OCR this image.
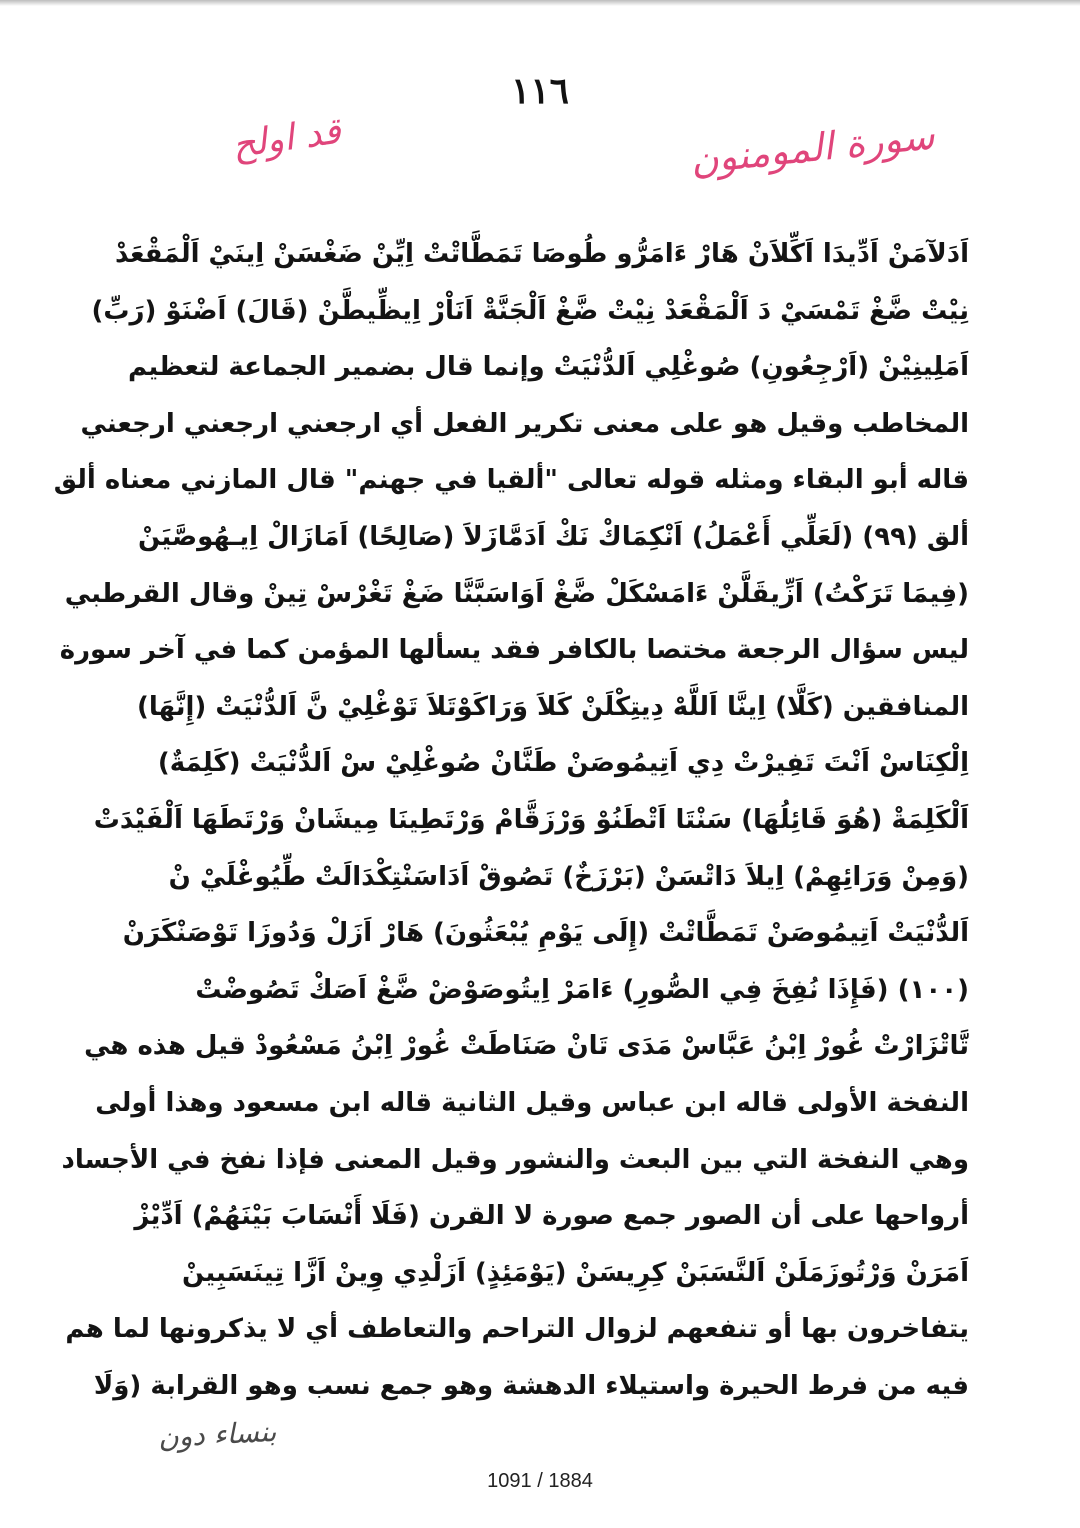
١١٦
قد اولح	سورة المومنون
اَدَلآمَنْ اَدِّيدَا اَكِّلاَنْ هَارْ ءَامَرُّو طُوصَا تَمَطَّاتْتْ اِيِّنْ ضَغْسَنْ اِينَيْ اَلْمَقْعَدْ
نِيْتْ ضَّغْ تَمْسَيْ دَ اَلْمَقْعَدْ نِيْتْ ضَّغْ اَلْجَنَّةْ اَنَاْرْ اِيظِّيطَّنْ (قَالَ) اَضْنَوْ (رَبِّ)
اَمَلِينِيْنْ (اَرْجِعُونِ) صُوغْلِي اَلدُّنْيَتْ وإنما قال بضمير الجماعة لتعظيم
المخاطب وقيل هو على معنى تكرير الفعل أي ارجعني ارجعني ارجعني
قاله أبو البقاء ومثله قوله تعالى "ألقيا في جهنم" قال المازني معناه ألق
ألق (٩٩) (لَعَلِّي أَعْمَلُ) اَنْكِمَاكْ نَكْ اَدَمَّازَلاَ (صَالِحًا) اَمَازَالْ اِيـهُوصَّيَنْ
(فِيمَا تَرَكْتُ) اَزِّيقَلَّنْ ءَامَسْكَلْ ضَّغْ اَوَاسَبَّنَّا ضَغْ تَغْرْسْ تِينْ وقال القرطبي
ليس سؤال الرجعة مختصا بالكافر فقد يسألها المؤمن كما في آخر سورة
المنافقين (كَلَّا) اِينَّا اَللَّهْ دِيتِكْلَنْ كَلاَ وَرَاكَوْتَلاَ تَوْغْلِيْ نَّ اَلدُّنْيَتْ (إِنَّهَا)
اِلْكِنَاسْ اَنْتَ تَفِيرْتْ دِي اَتِيمُوصَنْ طَنَّانْ صُوغْلِيْ سْ اَلدُّنْيَتْ (كَلِمَةٌ)
اَلْكَلِمَةْ (هُوَ قَائِلُهَا) سَنْتَا اَتْطَنُوْ وَرْزَقَّامْ وَرْتَطِينَا مِيشَانْ وَرْتَطَهَا اَلْفَيْدَتْ
(وَمِنْ وَرَائِهِمْ) اِيلاَ دَاتْسَنْ (بَرْزَخٌ) تَصُوقْ اَدَاسَنْتِكْدَالَتْ طِّيُوغْلَيْ نْ
اَلدُّنْيَتْ اَتِيمُوصَنْ تَمَطَّاتْتْ (إِلَى يَوْمِ يُبْعَثُونَ) هَارْ اَزَلْ وَدُوزَا تَوْصَنْكَرَنْ
(١٠٠) (فَإِذَا نُفِخَ فِي الصُّورِ) ءَامَرْ اِيتُوصَوْضْ ضَّغْ اَصَكْ تَصُوضْتْ
تَّاتْزَارْتْ غُورْ اِبْنُ عَبَّاسْ مَدَى تَانْ صَنَاطَتْ غُورْ اِبْنُ مَسْعُودْ قيل هذه هي
النفخة الأولى قاله ابن عباس وقيل الثانية قاله ابن مسعود وهذا أولى
وهي النفخة التي بين البعث والنشور وقيل المعنى فإذا نفخ في الأجساد
أرواحها على أن الصور جمع صورة لا القرن (فَلَا أَنْسَابَ بَيْنَهُمْ) اَدِّيْزْ
اَمَرَنْ وَرْتُوزَمَلَنْ اَلنَّسَبَنْ كِرِيسَنْ (يَوْمَئِذٍ) اَزَلْدِي وِينْ اَزَّا تِينَسَبِينْ
يتفاخرون بها أو تنفعهم لزوال التراحم والتعاطف أي لا يذكرونها لما هم
فيه من فرط الحيرة واستيلاء الدهشة وهو جمع نسب وهو القرابة (وَلَا
بنساء دون
1091 / 1884
